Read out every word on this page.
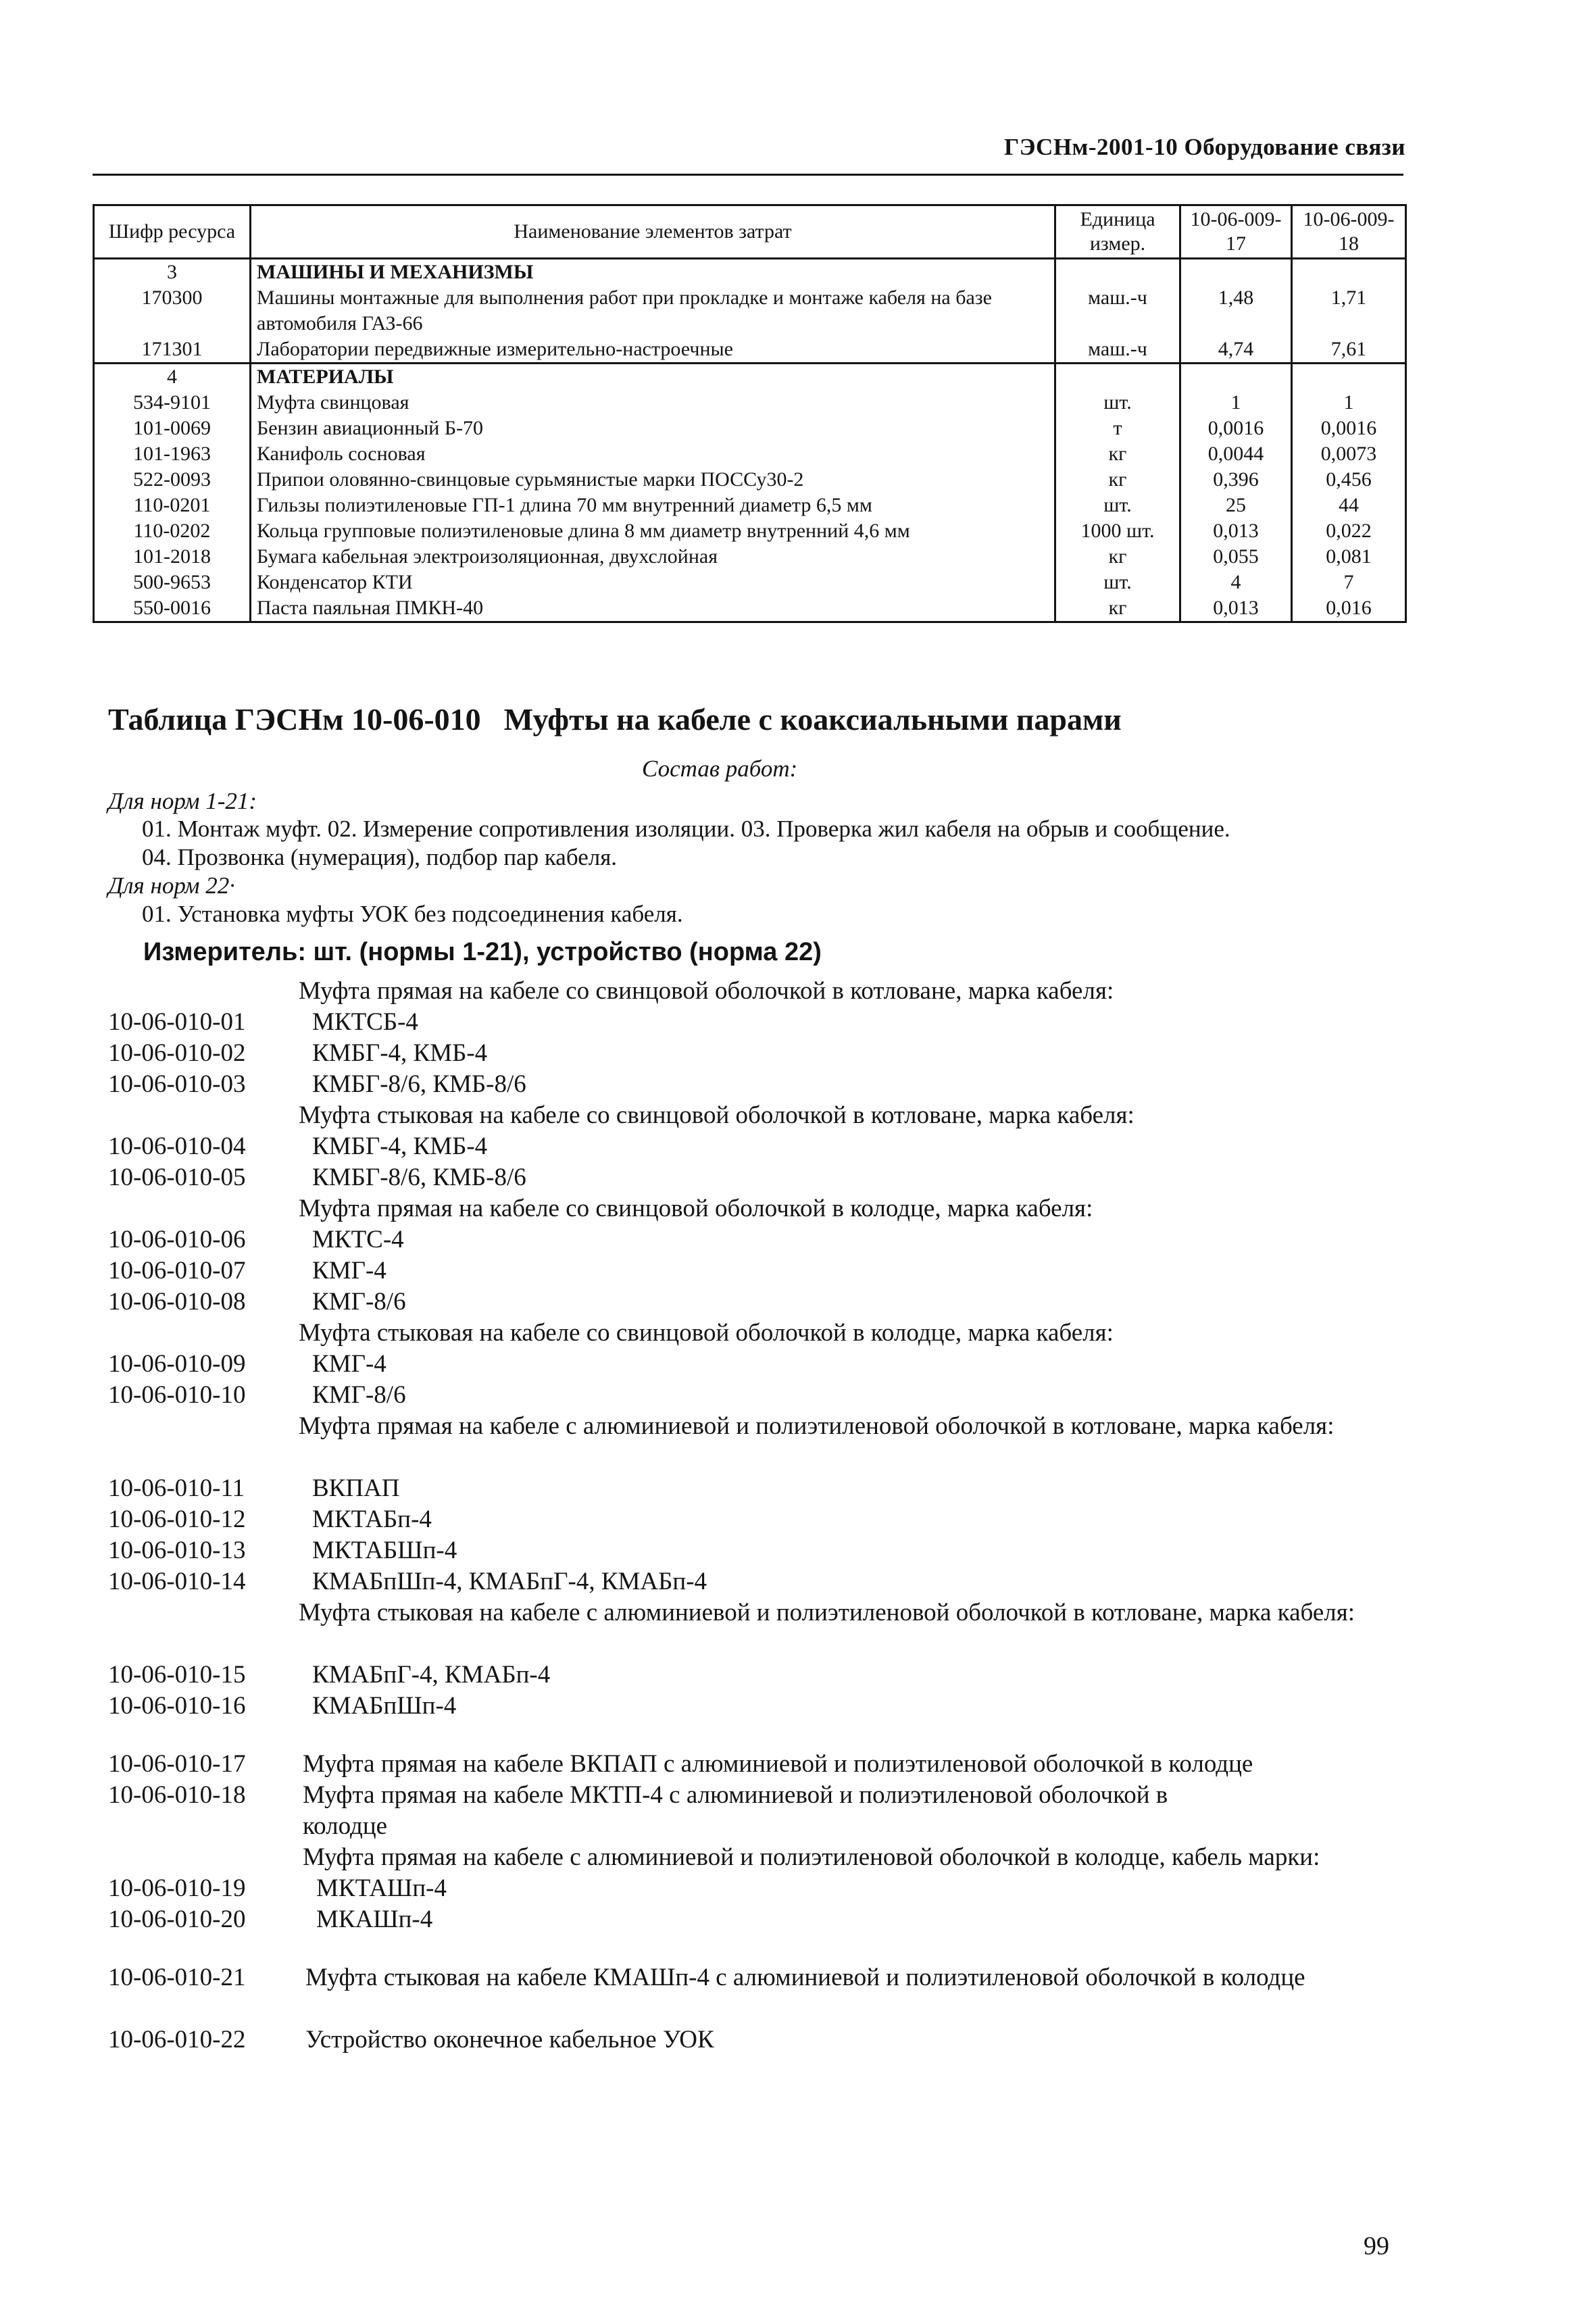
ГЭСНм-2001-10 Оборудование связи
Шифр ресурса	Наименование элементов затрат	Единица измер.	10-06-009-17	10-06-009-18
3	МАШИНЫ И МЕХАНИЗМЫ			
170300	Машины монтажные для выполнения работ при прокладке и монтаже кабеля на базе автомобиля ГАЗ-66	маш.-ч	1,48	1,71
171301	Лаборатории передвижные измерительно-настроечные	маш.-ч	4,74	7,61
4	МАТЕРИАЛЫ			
534-9101	Муфта свинцовая	шт.	1	1
101-0069	Бензин авиационный Б-70	т	0,0016	0,0016
101-1963	Канифоль сосновая	кг	0,0044	0,0073
522-0093	Припои оловянно-свинцовые сурьмянистые марки ПОССу30-2	кг	0,396	0,456
110-0201	Гильзы полиэтиленовые ГП-1 длина 70 мм внутренний диаметр 6,5 мм	шт.	25	44
110-0202	Кольца групповые полиэтиленовые длина 8 мм диаметр внутренний 4,6 мм	1000 шт.	0,013	0,022
101-2018	Бумага кабельная электроизоляционная, двухслойная	кг	0,055	0,081
500-9653	Конденсатор КТИ	шт.	4	7
550-0016	Паста паяльная ПМКН-40	кг	0,013	0,016
Таблица ГЭСНм 10-06-010 Муфты на кабеле с коаксиальными парами
Состав работ:
Для норм 1-21:
01. Монтаж муфт. 02. Измерение сопротивления изоляции. 03. Проверка жил кабеля на обрыв и сообщение.
04. Прозвонка (нумерация), подбор пар кабеля.
Для норм 22·
01. Установка муфты УОК без подсоединения кабеля.
Измеритель: шт. (нормы 1-21), устройство (норма 22)
Муфта прямая на кабеле со свинцовой оболочкой в котловане, марка кабеля:
10-06-010-01	МКТСБ-4
10-06-010-02	КМБГ-4, КМБ-4
10-06-010-03	КМБГ-8/6, КМБ-8/6
Муфта стыковая на кабеле со свинцовой оболочкой в котловане, марка кабеля:
10-06-010-04	КМБГ-4, КМБ-4
10-06-010-05	КМБГ-8/6, КМБ-8/6
Муфта прямая на кабеле со свинцовой оболочкой в колодце, марка кабеля:
10-06-010-06	МКТС-4
10-06-010-07	КМГ-4
10-06-010-08	КМГ-8/6
Муфта стыковая на кабеле со свинцовой оболочкой в колодце, марка кабеля:
10-06-010-09	КМГ-4
10-06-010-10	КМГ-8/6
Муфта прямая на кабеле с алюминиевой и полиэтиленовой оболочкой в котловане, марка кабеля:
10-06-010-11	ВКПАП
10-06-010-12	МКТАБп-4
10-06-010-13	МКТАБШп-4
10-06-010-14	КМАБпШп-4, КМАБпГ-4, КМАБп-4
Муфта стыковая на кабеле с алюминиевой и полиэтиленовой оболочкой в котловане, марка кабеля:
10-06-010-15	КМАБпГ-4, КМАБп-4
10-06-010-16	КМАБпШп-4
10-06-010-17 Муфта прямая на кабеле ВКПАП с алюминиевой и полиэтиленовой оболочкой в колодце
10-06-010-18 Муфта прямая на кабеле МКТП-4 с алюминиевой и полиэтиленовой оболочкой в колодце
Муфта прямая на кабеле с алюминиевой и полиэтиленовой оболочкой в колодце, кабель марки:
10-06-010-19	МКТАШп-4
10-06-010-20	МКАШп-4
10-06-010-21 Муфта стыковая на кабеле КМАШп-4 с алюминиевой и полиэтиленовой оболочкой в колодце
10-06-010-22 Устройство оконечное кабельное УОК
99
